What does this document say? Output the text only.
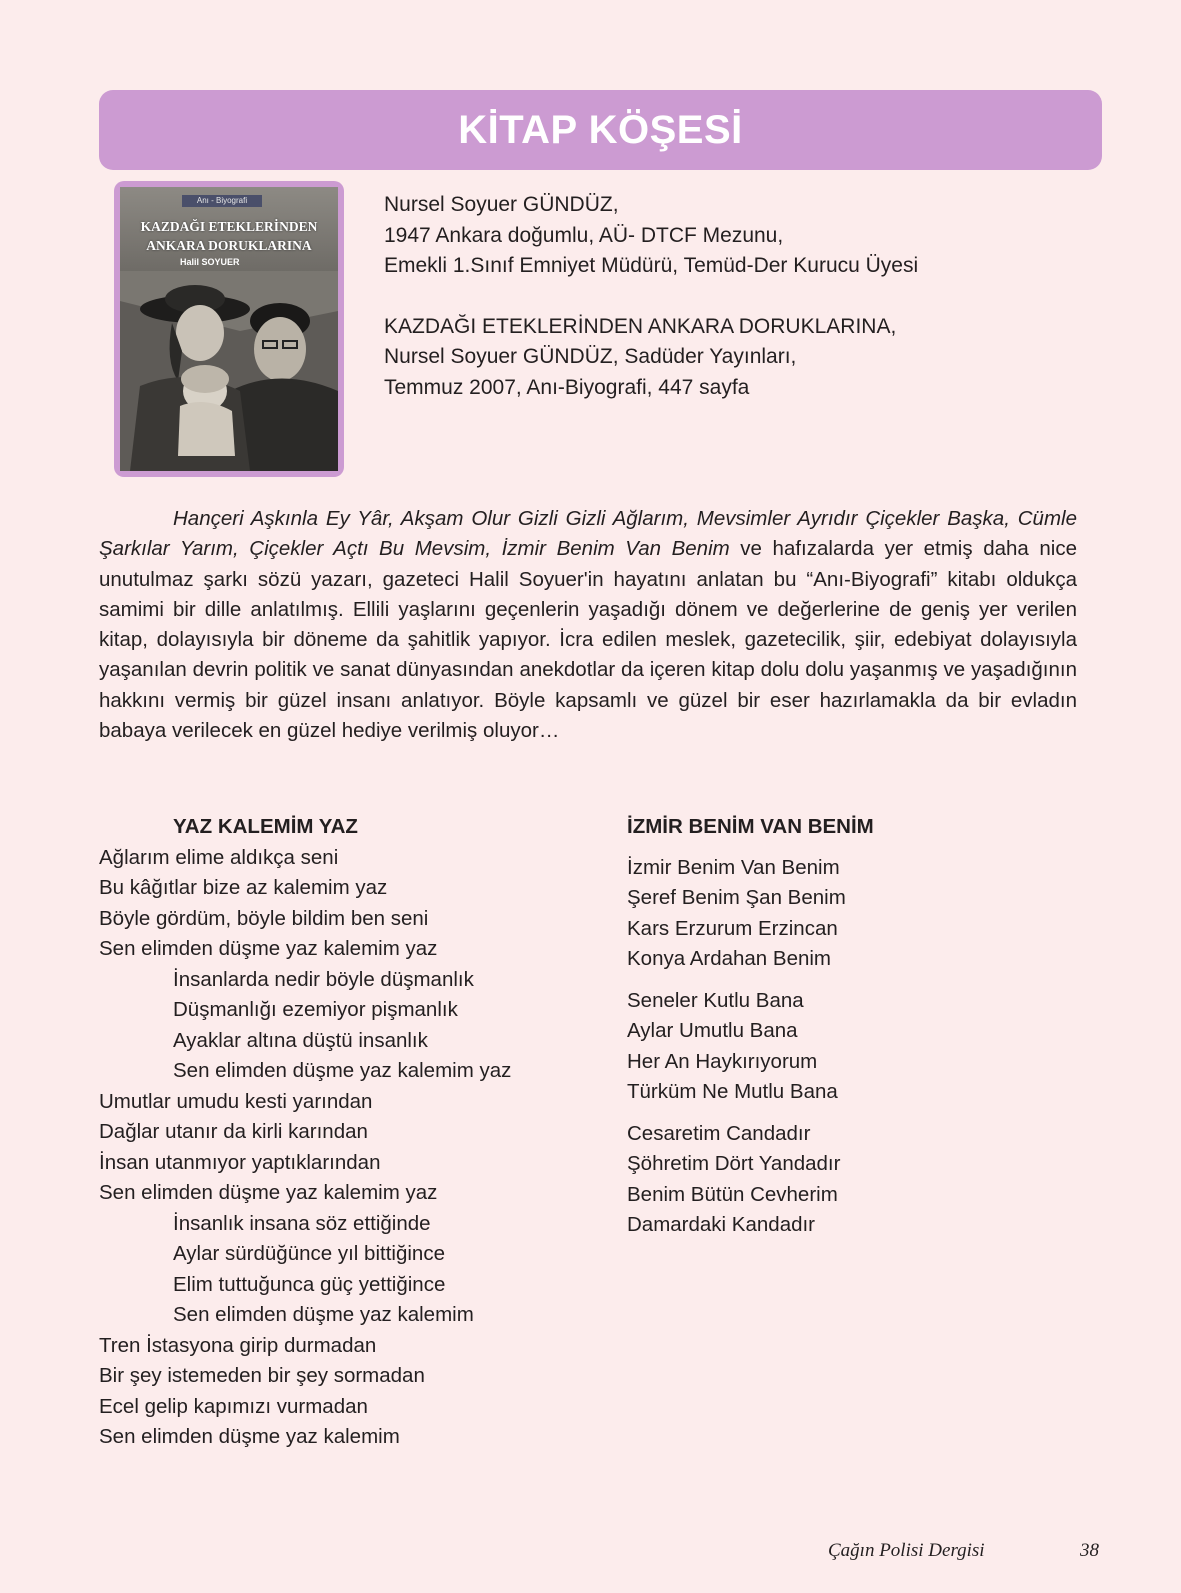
KİTAP KÖŞESİ
Anı - Biyografi
KAZDAĞI ETEKLERİNDEN
ANKARA DORUKLARINA
Halil SOYUER
Nursel Soyuer GÜNDÜZ,
1947 Ankara doğumlu, AÜ- DTCF Mezunu,
Emekli 1.Sınıf Emniyet Müdürü, Temüd-Der Kurucu Üyesi
KAZDAĞI ETEKLERİNDEN ANKARA DORUKLARINA,
Nursel Soyuer GÜNDÜZ, Sadüder Yayınları,
Temmuz 2007, Anı-Biyografi, 447 sayfa
Hançeri Aşkınla Ey Yâr, Akşam Olur Gizli Gizli Ağlarım, Mevsimler Ayrıdır Çiçekler Başka, Cümle Şarkılar Yarım, Çiçekler Açtı Bu Mevsim, İzmir Benim Van Benim ve hafızalarda yer etmiş daha nice unutulmaz şarkı sözü yazarı, gazeteci Halil Soyuer'in hayatını anlatan bu “Anı-Biyografi” kitabı oldukça samimi bir dille anlatılmış. Ellili yaşlarını geçenlerin yaşadığı dönem ve değerlerine de geniş yer verilen kitap, dolayısıyla bir döneme da şahitlik yapıyor. İcra edilen meslek, gazetecilik, şiir, edebiyat dolayısıyla yaşanılan devrin politik ve sanat dünyasından anekdotlar da içeren kitap dolu dolu yaşanmış ve yaşadığının hakkını vermiş bir güzel insanı anlatıyor. Böyle kapsamlı ve güzel bir eser hazırlamakla da bir evladın babaya verilecek en güzel hediye verilmiş oluyor…
YAZ KALEMİM YAZ
Ağlarım elime aldıkça seni
Bu kâğıtlar bize az kalemim yaz
Böyle gördüm, böyle bildim ben seni
Sen elimden düşme yaz kalemim yaz
İnsanlarda nedir böyle düşmanlık
Düşmanlığı ezemiyor pişmanlık
Ayaklar altına düştü insanlık
Sen elimden düşme yaz kalemim yaz
Umutlar umudu kesti yarından
Dağlar utanır da kirli karından
İnsan utanmıyor yaptıklarından
Sen elimden düşme yaz kalemim yaz
İnsanlık insana söz ettiğinde
Aylar sürdüğünce yıl bittiğince
Elim tuttuğunca güç yettiğince
Sen elimden düşme yaz kalemim
Tren İstasyona girip durmadan
Bir şey istemeden bir şey sormadan
Ecel gelip kapımızı vurmadan
Sen elimden düşme yaz kalemim
İZMİR BENİM VAN BENİM
İzmir Benim Van Benim
Şeref Benim Şan Benim
Kars Erzurum Erzincan
Konya Ardahan Benim
Seneler Kutlu Bana
Aylar Umutlu Bana
Her An Haykırıyorum
Türküm Ne Mutlu Bana
Cesaretim Candadır
Şöhretim Dört Yandadır
Benim Bütün Cevherim
Damardaki Kandadır
Çağın Polisi Dergisi	38
